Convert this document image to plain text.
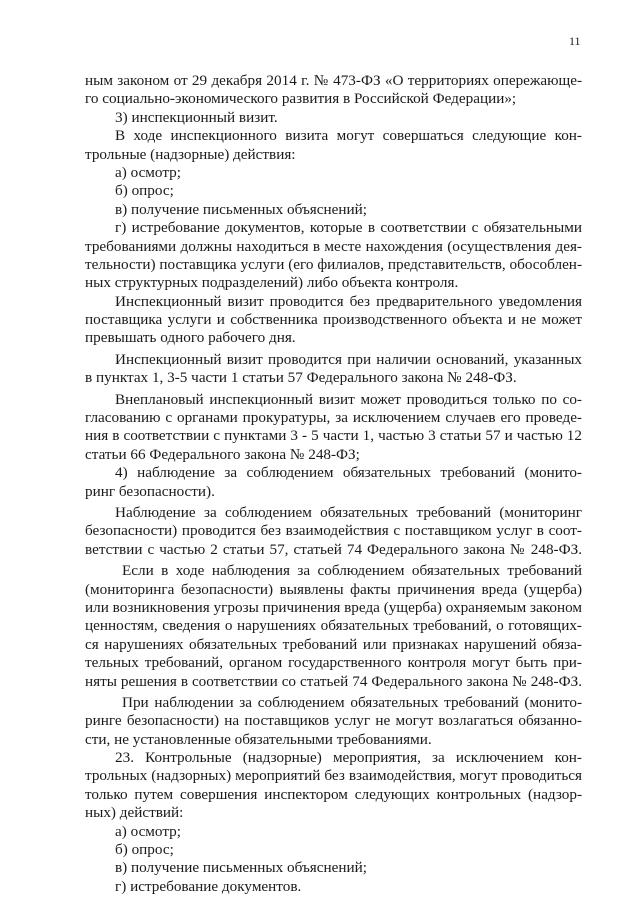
11
ным законом от 29 декабря 2014 г. № 473-ФЗ «О территориях опережающе-
го социально-экономического развития в Российской Федерации»;
3) инспекционный визит.
В ходе инспекционного визита могут совершаться следующие кон-
трольные (надзорные) действия:
а) осмотр;
б) опрос;
в) получение письменных объяснений;
г) истребование документов, которые в соответствии с обязательными
требованиями должны находиться в месте нахождения (осуществления дея-
тельности) поставщика услуги (его филиалов, представительств, обособлен-
ных структурных подразделений) либо объекта контроля.
Инспекционный визит проводится без предварительного уведомления
поставщика услуги и собственника производственного объекта и не может
превышать одного рабочего дня.
Инспекционный визит проводится при наличии оснований, указанных
в пунктах 1, 3-5 части 1 статьи 57 Федерального закона № 248-ФЗ.
Внеплановый инспекционный визит может проводиться только по со-
гласованию с органами прокуратуры, за исключением случаев его проведе-
ния в соответствии с пунктами 3 - 5 части 1, частью 3 статьи 57 и частью 12
статьи 66 Федерального закона № 248-ФЗ;
4) наблюдение за соблюдением обязательных требований (монито-
ринг безопасности).
Наблюдение за соблюдением обязательных требований (мониторинг
безопасности) проводится без взаимодействия с поставщиком услуг в соот-
ветствии с частью 2 статьи 57, статьей 74 Федерального закона № 248-ФЗ.
Если в ходе наблюдения за соблюдением обязательных требований
(мониторинга безопасности) выявлены факты причинения вреда (ущерба)
или возникновения угрозы причинения вреда (ущерба) охраняемым законом
ценностям, сведения о нарушениях обязательных требований, о готовящих-
ся нарушениях обязательных требований или признаках нарушений обяза-
тельных требований, органом государственного контроля могут быть при-
няты решения в соответствии со статьей 74 Федерального закона № 248-ФЗ.
При наблюдении за соблюдением обязательных требований (монито-
ринге безопасности) на поставщиков услуг не могут возлагаться обязанно-
сти, не установленные обязательными требованиями.
23. Контрольные (надзорные) мероприятия, за исключением кон-
трольных (надзорных) мероприятий без взаимодействия, могут проводиться
только путем совершения инспектором следующих контрольных (надзор-
ных) действий:
а) осмотр;
б) опрос;
в) получение письменных объяснений;
г) истребование документов.
